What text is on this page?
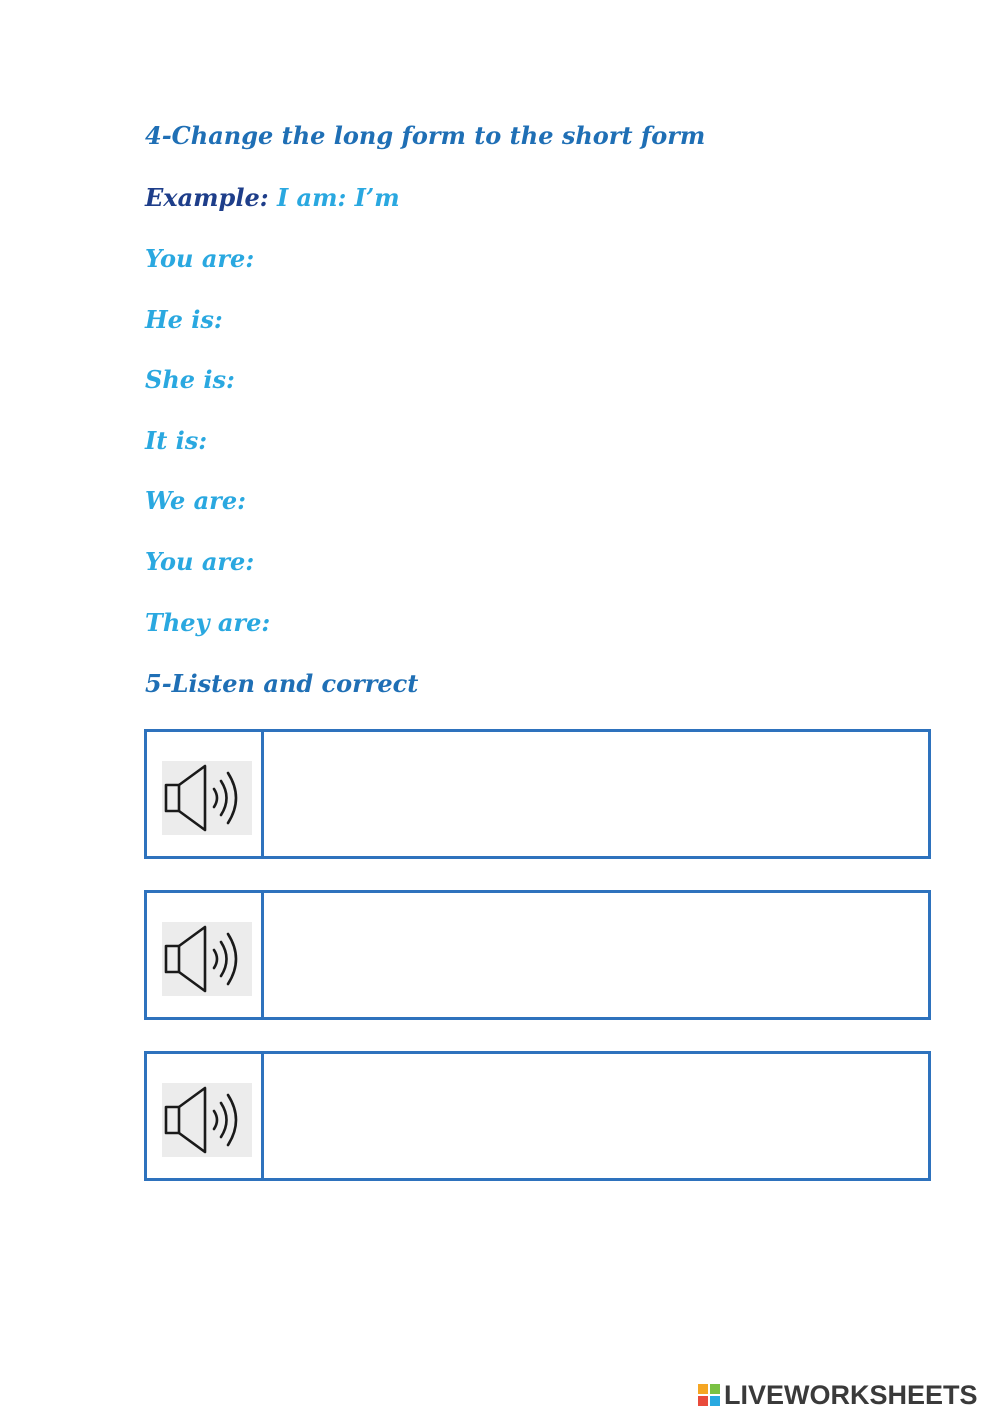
4-Change the long form to the short form
Example: I am: I’m
You are:
He is:
She is:
It is:
We are:
You are:
They are:
5-Listen and correct
LIVEWORKSHEETS
